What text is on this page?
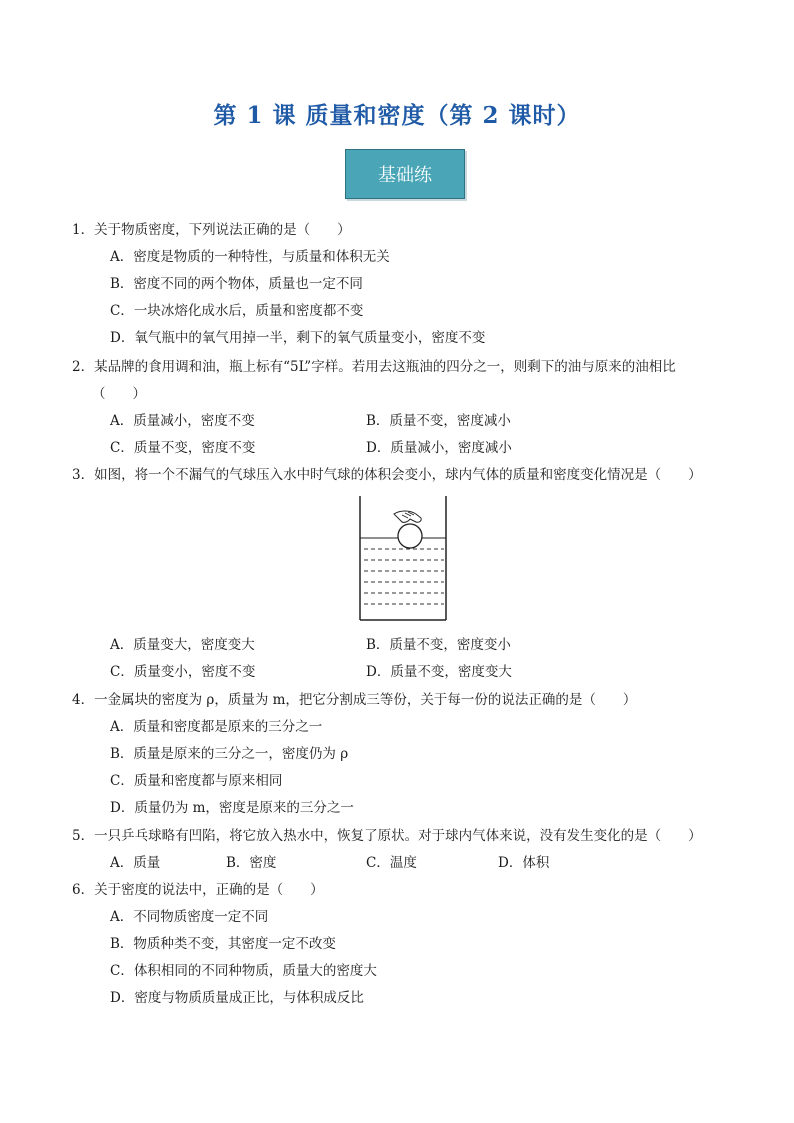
第 1 课 质量和密度（第 2 课时）
基础练
1．关于物质密度，下列说法正确的是（　　）
A．密度是物质的一种特性，与质量和体积无关
B．密度不同的两个物体，质量也一定不同
C．一块冰熔化成水后，质量和密度都不变
D．氧气瓶中的氧气用掉一半，剩下的氧气质量变小，密度不变
2．某品牌的食用调和油，瓶上标有“5L”字样。若用去这瓶油的四分之一，则剩下的油与原来的油相比
（　　）
A．质量减小，密度不变	B．质量不变，密度减小
C．质量不变，密度不变	D．质量减小，密度减小
3．如图，将一个不漏气的气球压入水中时气球的体积会变小，球内气体的质量和密度变化情况是（　　）
A．质量变大，密度变大	B．质量不变，密度变小
C．质量变小，密度不变	D．质量不变，密度变大
4．一金属块的密度为 ρ，质量为 m，把它分割成三等份，关于每一份的说法正确的是（　　）
A．质量和密度都是原来的三分之一
B．质量是原来的三分之一，密度仍为 ρ
C．质量和密度都与原来相同
D．质量仍为 m，密度是原来的三分之一
5．一只乒乓球略有凹陷，将它放入热水中，恢复了原状。对于球内气体来说，没有发生变化的是（　　）
A．质量	B．密度	C．温度	D．体积
6．关于密度的说法中，正确的是（　　）
A．不同物质密度一定不同
B．物质种类不变，其密度一定不改变
C．体积相同的不同种物质，质量大的密度大
D．密度与物质质量成正比，与体积成反比
